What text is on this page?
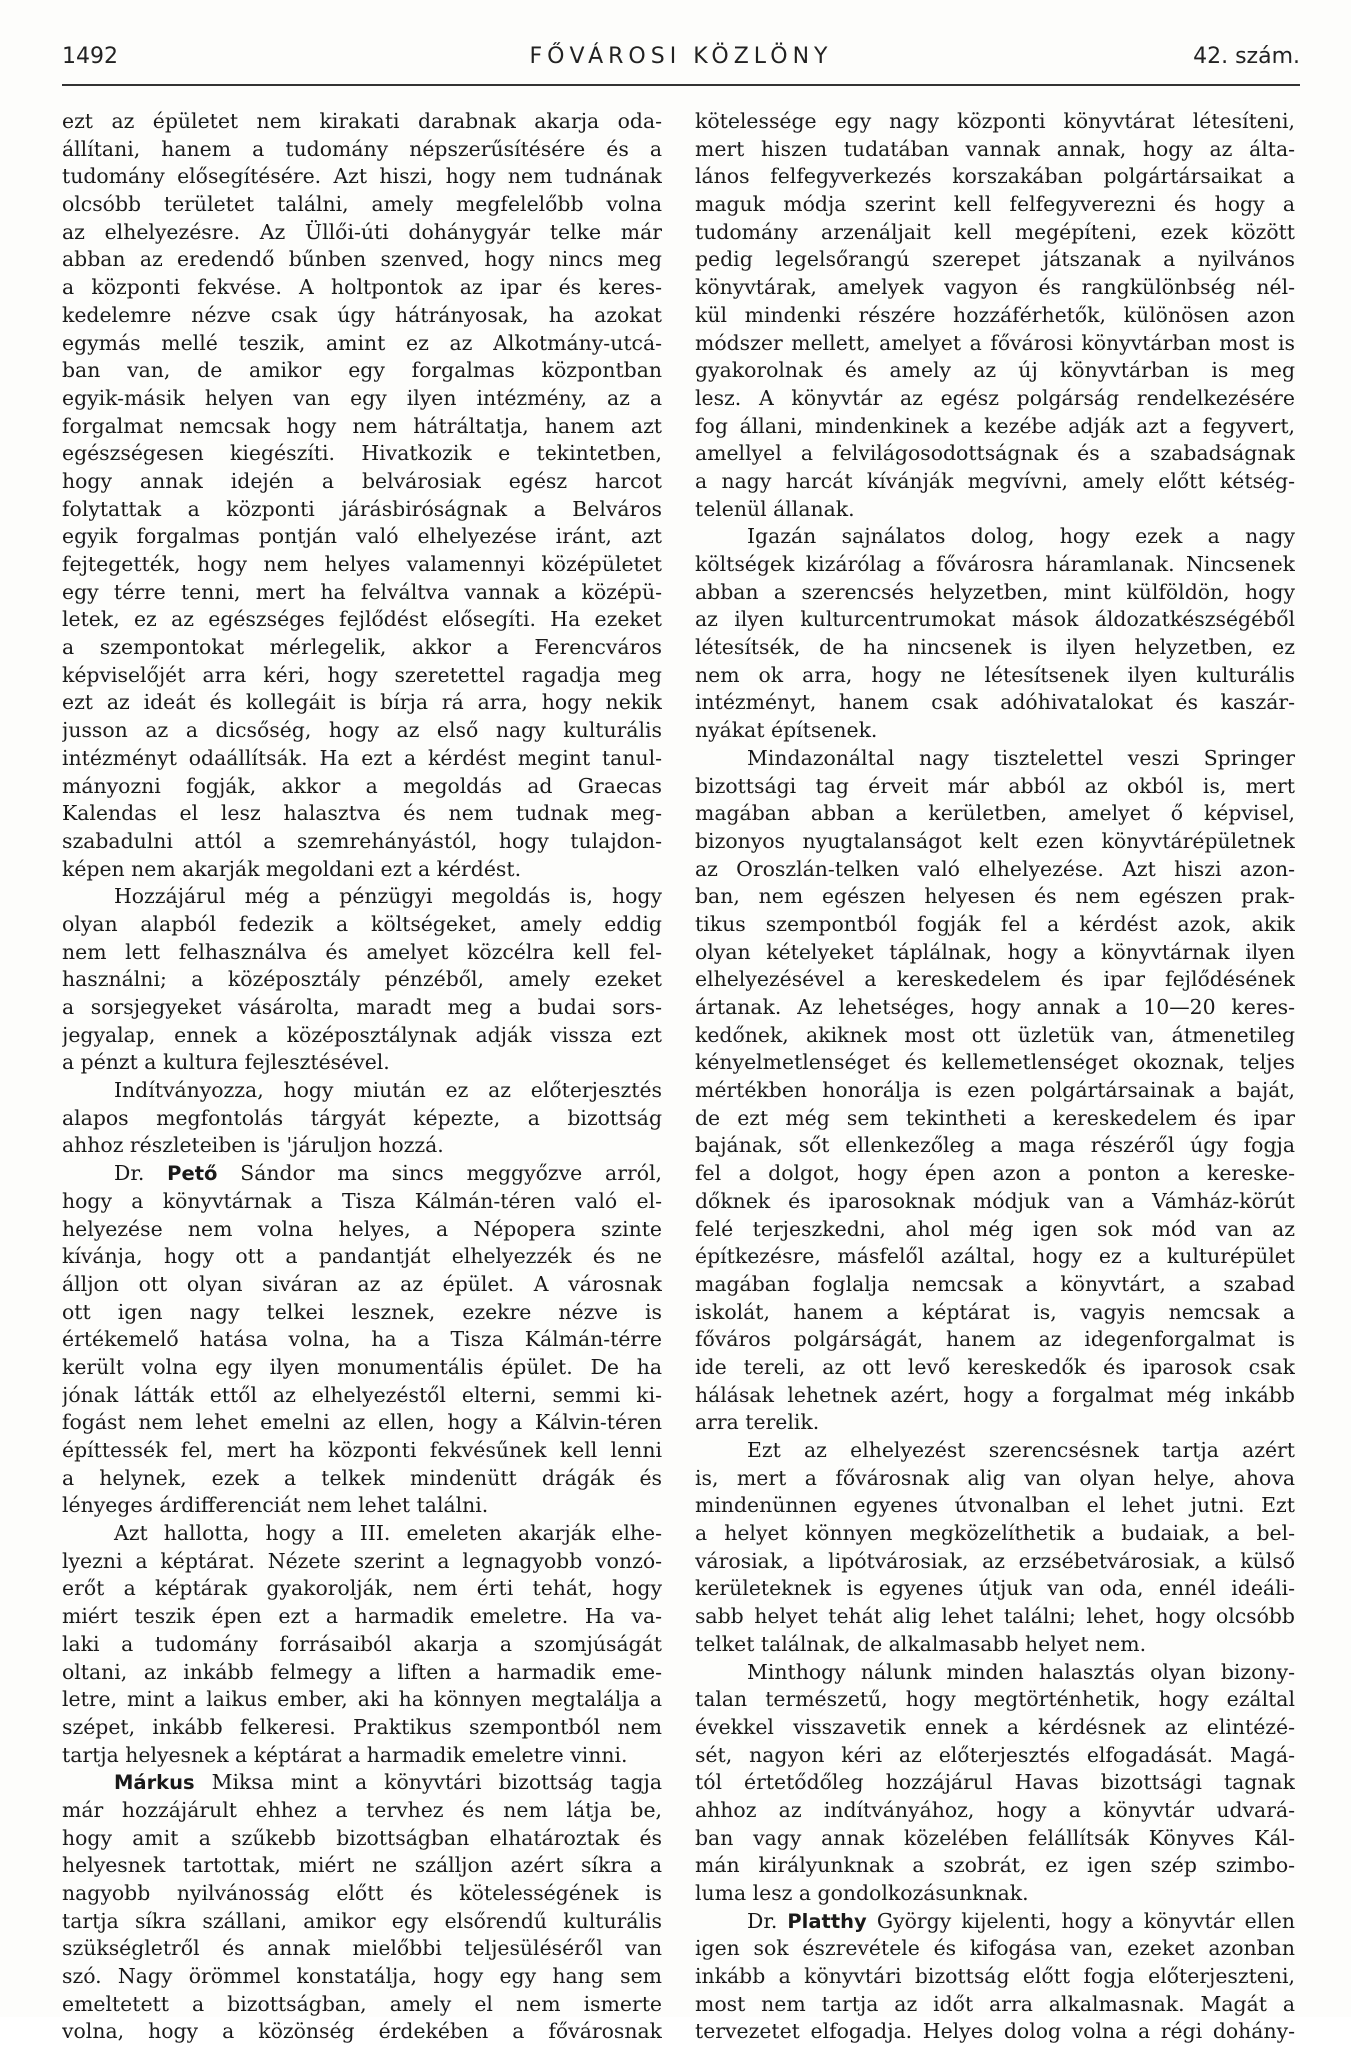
FŐVÁROSI KÖZLÖNY
1492	42. szám.
ezt az épületet nem kirakati darabnak akarja oda-
állítani, hanem a tudomány népszerűsítésére és a
tudomány elősegítésére. Azt hiszi, hogy nem tudnának
olcsóbb területet találni, amely megfelelőbb volna
az elhelyezésre. Az Üllői-úti dohánygyár telke már
abban az eredendő bűnben szenved, hogy nincs meg
a központi fekvése. A holtpontok az ipar és keres-
kedelemre nézve csak úgy hátrányosak, ha azokat
egymás mellé teszik, amint ez az Alkotmány-utcá-
ban van, de amikor egy forgalmas központban
egyik-másik helyen van egy ilyen intézmény, az a
forgalmat nemcsak hogy nem hátráltatja, hanem azt
egészségesen kiegészíti. Hivatkozik e tekintetben,
hogy annak idején a belvárosiak egész harcot
folytattak a központi járásbiróságnak a Belváros
egyik forgalmas pontján való elhelyezése iránt, azt
fejtegették, hogy nem helyes valamennyi középületet
egy térre tenni, mert ha felváltva vannak a középü-
letek, ez az egészséges fejlődést elősegíti. Ha ezeket
a szempontokat mérlegelik, akkor a Ferencváros
képviselőjét arra kéri, hogy szeretettel ragadja meg
ezt az ideát és kollegáit is bírja rá arra, hogy nekik
jusson az a dicsőség, hogy az első nagy kulturális
intézményt odaállítsák. Ha ezt a kérdést megint tanul-
mányozni fogják, akkor a megoldás ad Graecas
Kalendas el lesz halasztva és nem tudnak meg-
szabadulni attól a szemrehányástól, hogy tulajdon-
képen nem akarják megoldani ezt a kérdést.
Hozzájárul még a pénzügyi megoldás is, hogy
olyan alapból fedezik a költségeket, amely eddig
nem lett felhasználva és amelyet közcélra kell fel-
használni; a középosztály pénzéből, amely ezeket
a sorsjegyeket vásárolta, maradt meg a budai sors-
jegyalap, ennek a középosztálynak adják vissza ezt
a pénzt a kultura fejlesztésével.
Indítványozza, hogy miután ez az előterjesztés
alapos megfontolás tárgyát képezte, a bizottság
ahhoz részleteiben is 'járuljon hozzá.
Dr. Pető Sándor ma sincs meggyőzve arról,
hogy a könyvtárnak a Tisza Kálmán-téren való el-
helyezése nem volna helyes, a Népopera szinte
kívánja, hogy ott a pandantját elhelyezzék és ne
álljon ott olyan siváran az az épület. A városnak
ott igen nagy telkei lesznek, ezekre nézve is
értékemelő hatása volna, ha a Tisza Kálmán-térre
került volna egy ilyen monumentális épület. De ha
jónak látták ettől az elhelyezéstől elterni, semmi ki-
fogást nem lehet emelni az ellen, hogy a Kálvin-téren
építtessék fel, mert ha központi fekvésűnek kell lenni
a helynek, ezek a telkek mindenütt drágák és
lényeges árdifferenciát nem lehet találni.
Azt hallotta, hogy a III. emeleten akarják elhe-
lyezni a képtárat. Nézete szerint a legnagyobb vonzó-
erőt a képtárak gyakorolják, nem érti tehát, hogy
miért teszik épen ezt a harmadik emeletre. Ha va-
laki a tudomány forrásaiból akarja a szomjúságát
oltani, az inkább felmegy a liften a harmadik eme-
letre, mint a laikus ember, aki ha könnyen megtalálja a
szépet, inkább felkeresi. Praktikus szempontból nem
tartja helyesnek a képtárat a harmadik emeletre vinni.
Márkus Miksa mint a könyvtári bizottság tagja
már hozzájárult ehhez a tervhez és nem látja be,
hogy amit a szűkebb bizottságban elhatároztak és
helyesnek tartottak, miért ne szálljon azért síkra a
nagyobb nyilvánosság előtt és kötelességének is
tartja síkra szállani, amikor egy elsőrendű kulturális
szükségletről és annak mielőbbi teljesüléséről van
szó. Nagy örömmel konstatálja, hogy egy hang sem
emeltetett a bizottságban, amely el nem ismerte
volna, hogy a közönség érdekében a fővárosnak
kötelessége egy nagy központi könyvtárat létesíteni,
mert hiszen tudatában vannak annak, hogy az álta-
lános felfegyverkezés korszakában polgártársaikat a
maguk módja szerint kell felfegyverezni és hogy a
tudomány arzenáljait kell megépíteni, ezek között
pedig legelsőrangú szerepet játszanak a nyilvános
könyvtárak, amelyek vagyon és rangkülönbség nél-
kül mindenki részére hozzáférhetők, különösen azon
módszer mellett, amelyet a fővárosi könyvtárban most is
gyakorolnak és amely az új könyvtárban is meg
lesz. A könyvtár az egész polgárság rendelkezésére
fog állani, mindenkinek a kezébe adják azt a fegyvert,
amellyel a felvilágosodottságnak és a szabadságnak
a nagy harcát kívánják megvívni, amely előtt kétség-
telenül állanak.
Igazán sajnálatos dolog, hogy ezek a nagy
költségek kizárólag a fővárosra háramlanak. Nincsenek
abban a szerencsés helyzetben, mint külföldön, hogy
az ilyen kulturcentrumokat mások áldozatkészségéből
létesítsék, de ha nincsenek is ilyen helyzetben, ez
nem ok arra, hogy ne létesítsenek ilyen kulturális
intézményt, hanem csak adóhivatalokat és kaszár-
nyákat építsenek.
Mindazonáltal nagy tisztelettel veszi Springer
bizottsági tag érveit már abból az okból is, mert
magában abban a kerületben, amelyet ő képvisel,
bizonyos nyugtalanságot kelt ezen könyvtárépületnek
az Oroszlán-telken való elhelyezése. Azt hiszi azon-
ban, nem egészen helyesen és nem egészen prak-
tikus szempontból fogják fel a kérdést azok, akik
olyan kételyeket táplálnak, hogy a könyvtárnak ilyen
elhelyezésével a kereskedelem és ipar fejlődésének
ártanak. Az lehetséges, hogy annak a 10—20 keres-
kedőnek, akiknek most ott üzletük van, átmenetileg
kényelmetlenséget és kellemetlenséget okoznak, teljes
mértékben honorálja is ezen polgártársainak a baját,
de ezt még sem tekintheti a kereskedelem és ipar
bajának, sőt ellenkezőleg a maga részéről úgy fogja
fel a dolgot, hogy épen azon a ponton a kereske-
dőknek és iparosoknak módjuk van a Vámház-körút
felé terjeszkedni, ahol még igen sok mód van az
építkezésre, másfelől azáltal, hogy ez a kulturépület
magában foglalja nemcsak a könyvtárt, a szabad
iskolát, hanem a képtárat is, vagyis nemcsak a
főváros polgárságát, hanem az idegenforgalmat is
ide tereli, az ott levő kereskedők és iparosok csak
hálásak lehetnek azért, hogy a forgalmat még inkább
arra terelik.
Ezt az elhelyezést szerencsésnek tartja azért
is, mert a fővárosnak alig van olyan helye, ahova
mindenünnen egyenes útvonalban el lehet jutni. Ezt
a helyet könnyen megközelíthetik a budaiak, a bel-
városiak, a lipótvárosiak, az erzsébetvárosiak, a külső
kerületeknek is egyenes útjuk van oda, ennél ideáli-
sabb helyet tehát alig lehet találni; lehet, hogy olcsóbb
telket találnak, de alkalmasabb helyet nem.
Minthogy nálunk minden halasztás olyan bizony-
talan természetű, hogy megtörténhetik, hogy ezáltal
évekkel visszavetik ennek a kérdésnek az elintézé-
sét, nagyon kéri az előterjesztés elfogadását. Magá-
tól értetődőleg hozzájárul Havas bizottsági tagnak
ahhoz az indítványához, hogy a könyvtár udvará-
ban vagy annak közelében felállítsák Könyves Kál-
mán királyunknak a szobrát, ez igen szép szimbo-
luma lesz a gondolkozásunknak.
Dr. Platthy György kijelenti, hogy a könyvtár ellen
igen sok észrevétele és kifogása van, ezeket azonban
inkább a könyvtári bizottság előtt fogja előterjeszteni,
most nem tartja az időt arra alkalmasnak. Magát a
tervezetet elfogadja. Helyes dolog volna a régi dohány-
